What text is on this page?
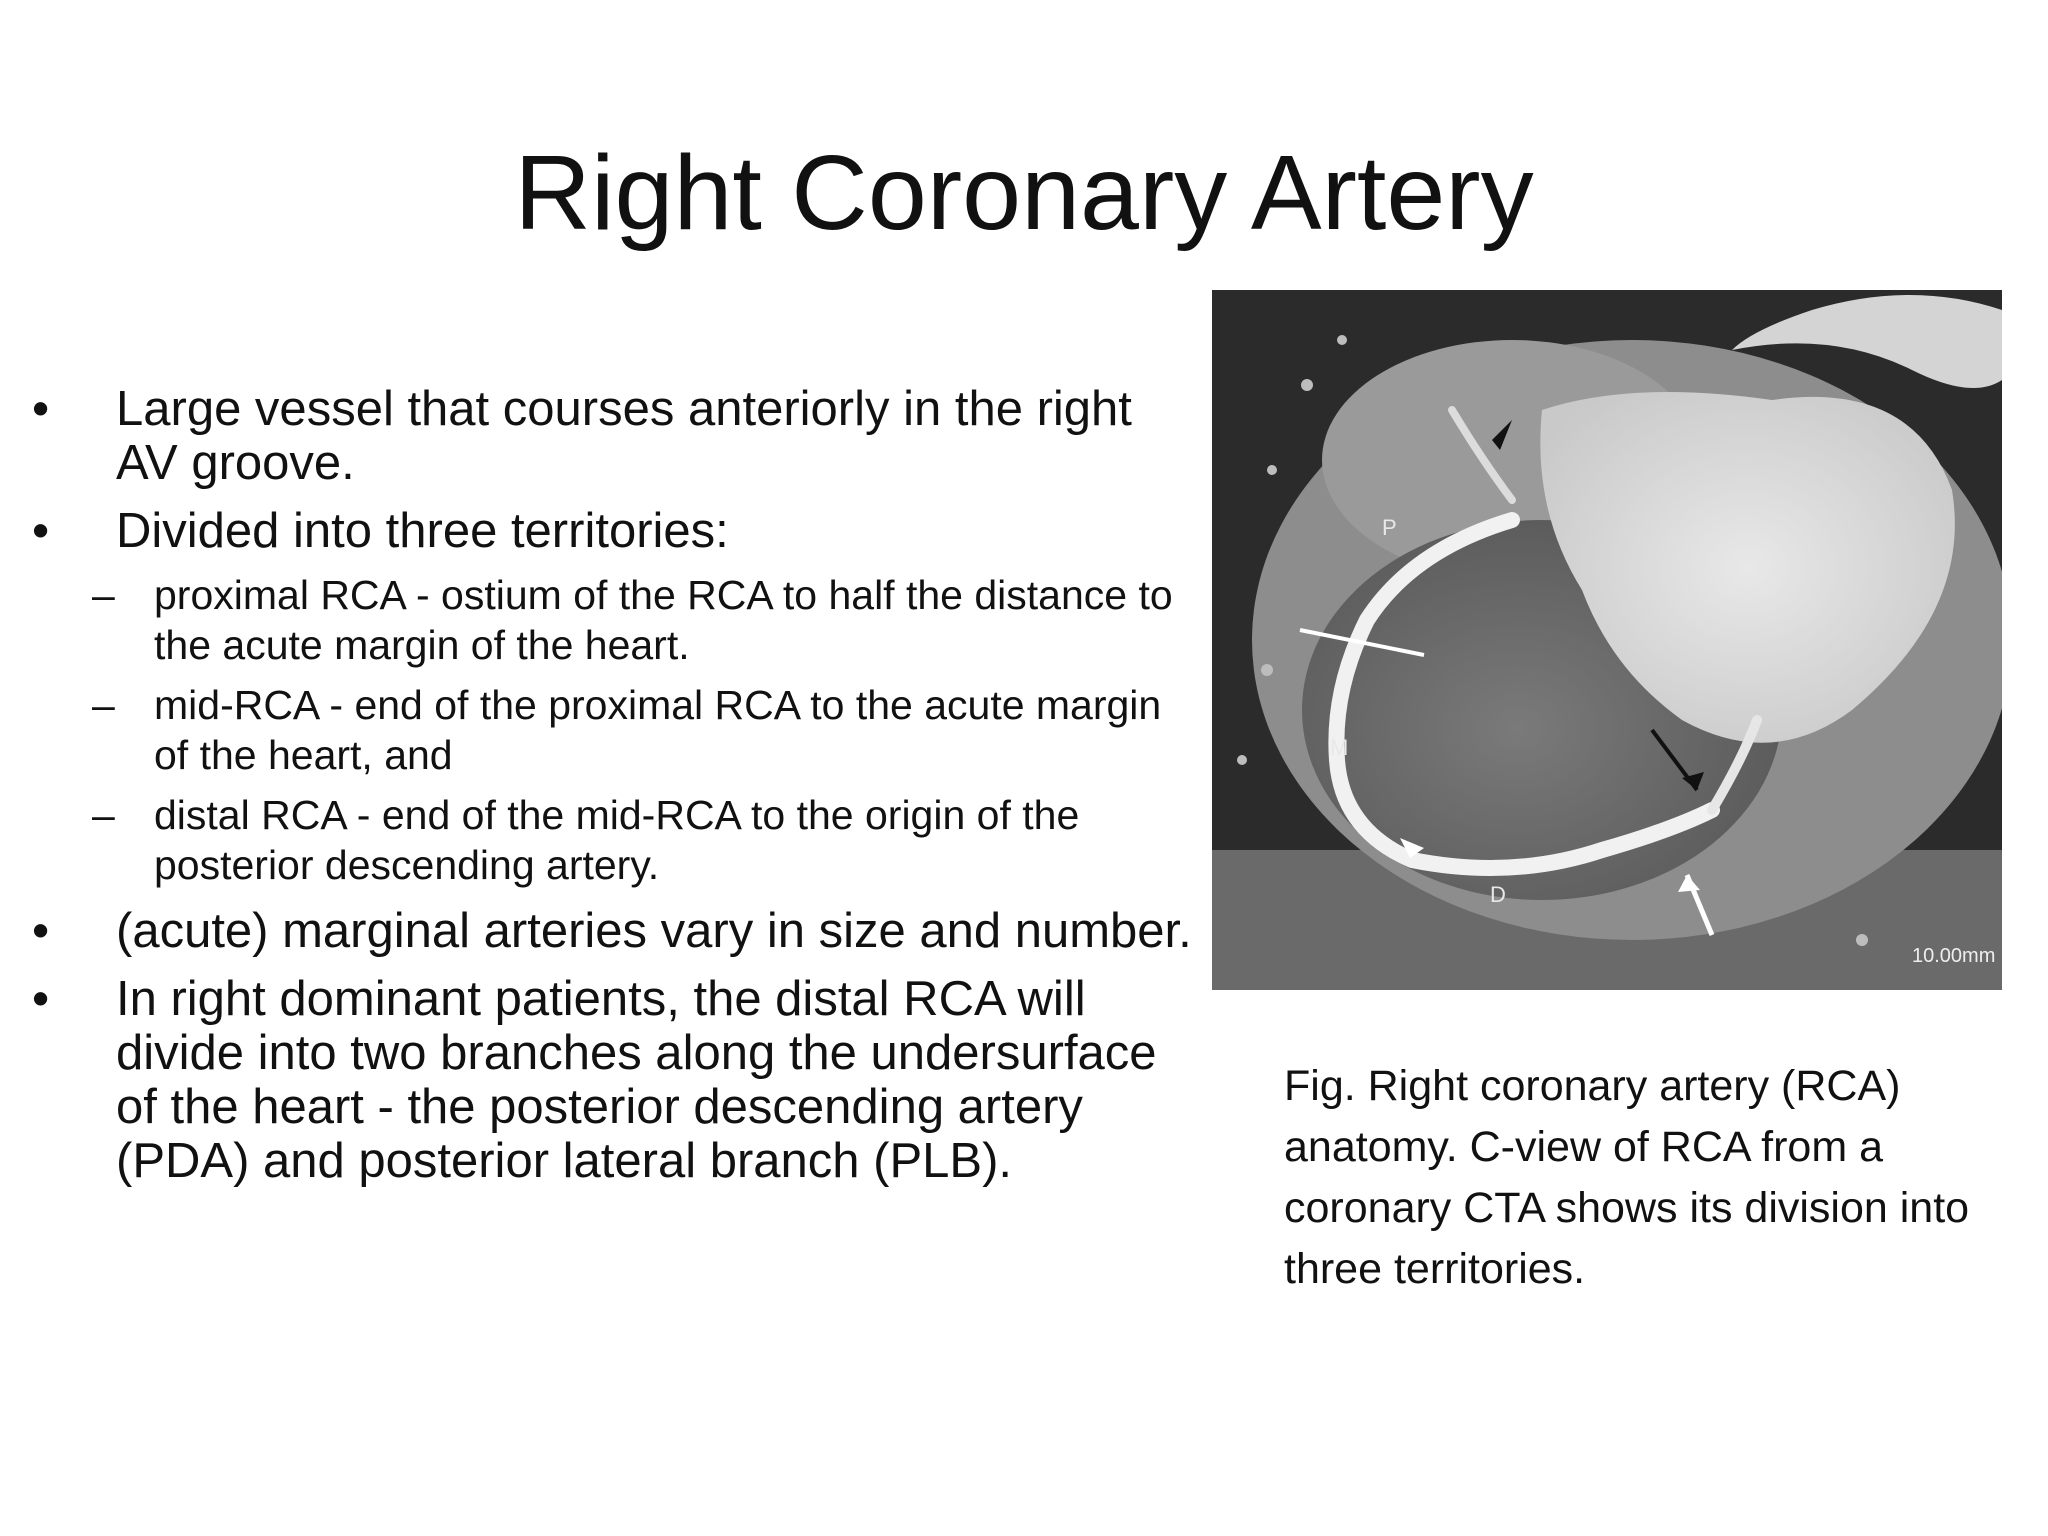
Right Coronary Artery
•	Large vessel that courses anteriorly in the right AV groove.
•	Divided into three territories:
– proximal RCA - ostium of the RCA to half the distance to the acute margin of the heart.
– mid-RCA - end of the proximal RCA to the acute margin of the heart, and
– distal RCA - end of the mid-RCA to the origin of the posterior descending artery.
•	(acute) marginal arteries vary in size and number.
•	In right dominant patients, the distal RCA will divide into two branches along the undersurface of the heart - the posterior descending artery (PDA) and posterior lateral branch (PLB).
P
M
D
10.00mm
Fig. Right coronary artery (RCA) anatomy. C-view of RCA from a coronary CTA shows its division into three territories.
